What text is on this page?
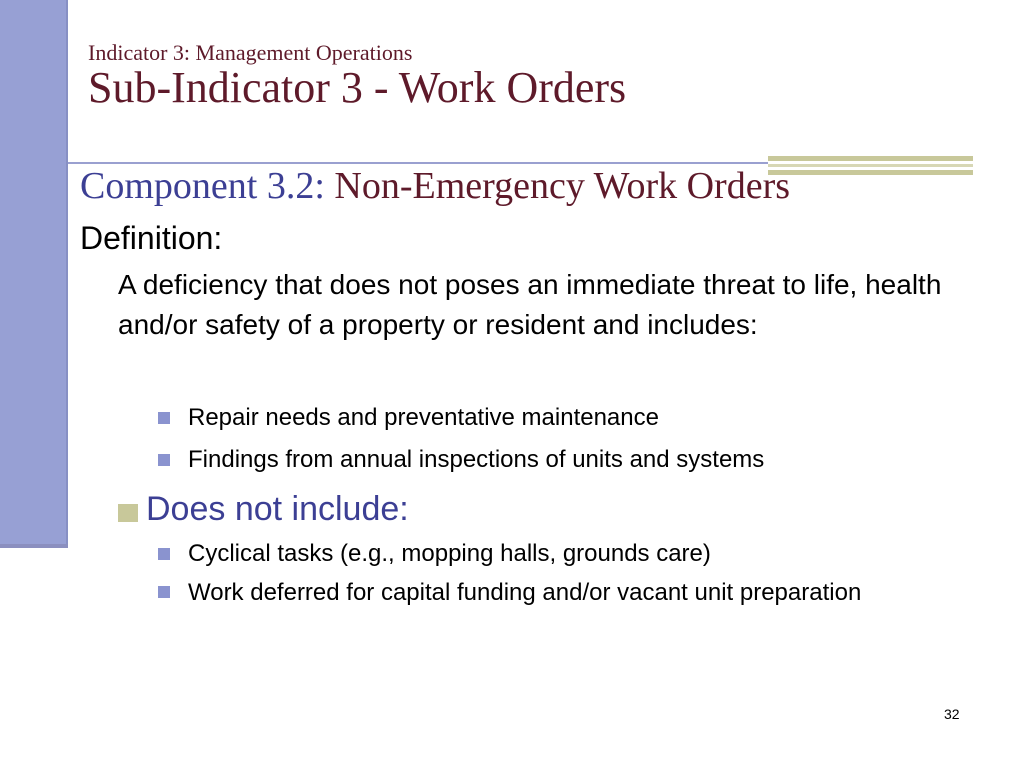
Indicator 3: Management Operations
Sub-Indicator 3 - Work Orders
Component 3.2: Non-Emergency Work Orders
Definition:
A deficiency that does not poses an immediate threat to life, health and/or safety of a property or resident and includes:
Repair needs and preventative maintenance
Findings from annual inspections of units and systems
Does not include:
Cyclical tasks (e.g., mopping halls, grounds care)
Work deferred for capital funding and/or vacant unit preparation
32
